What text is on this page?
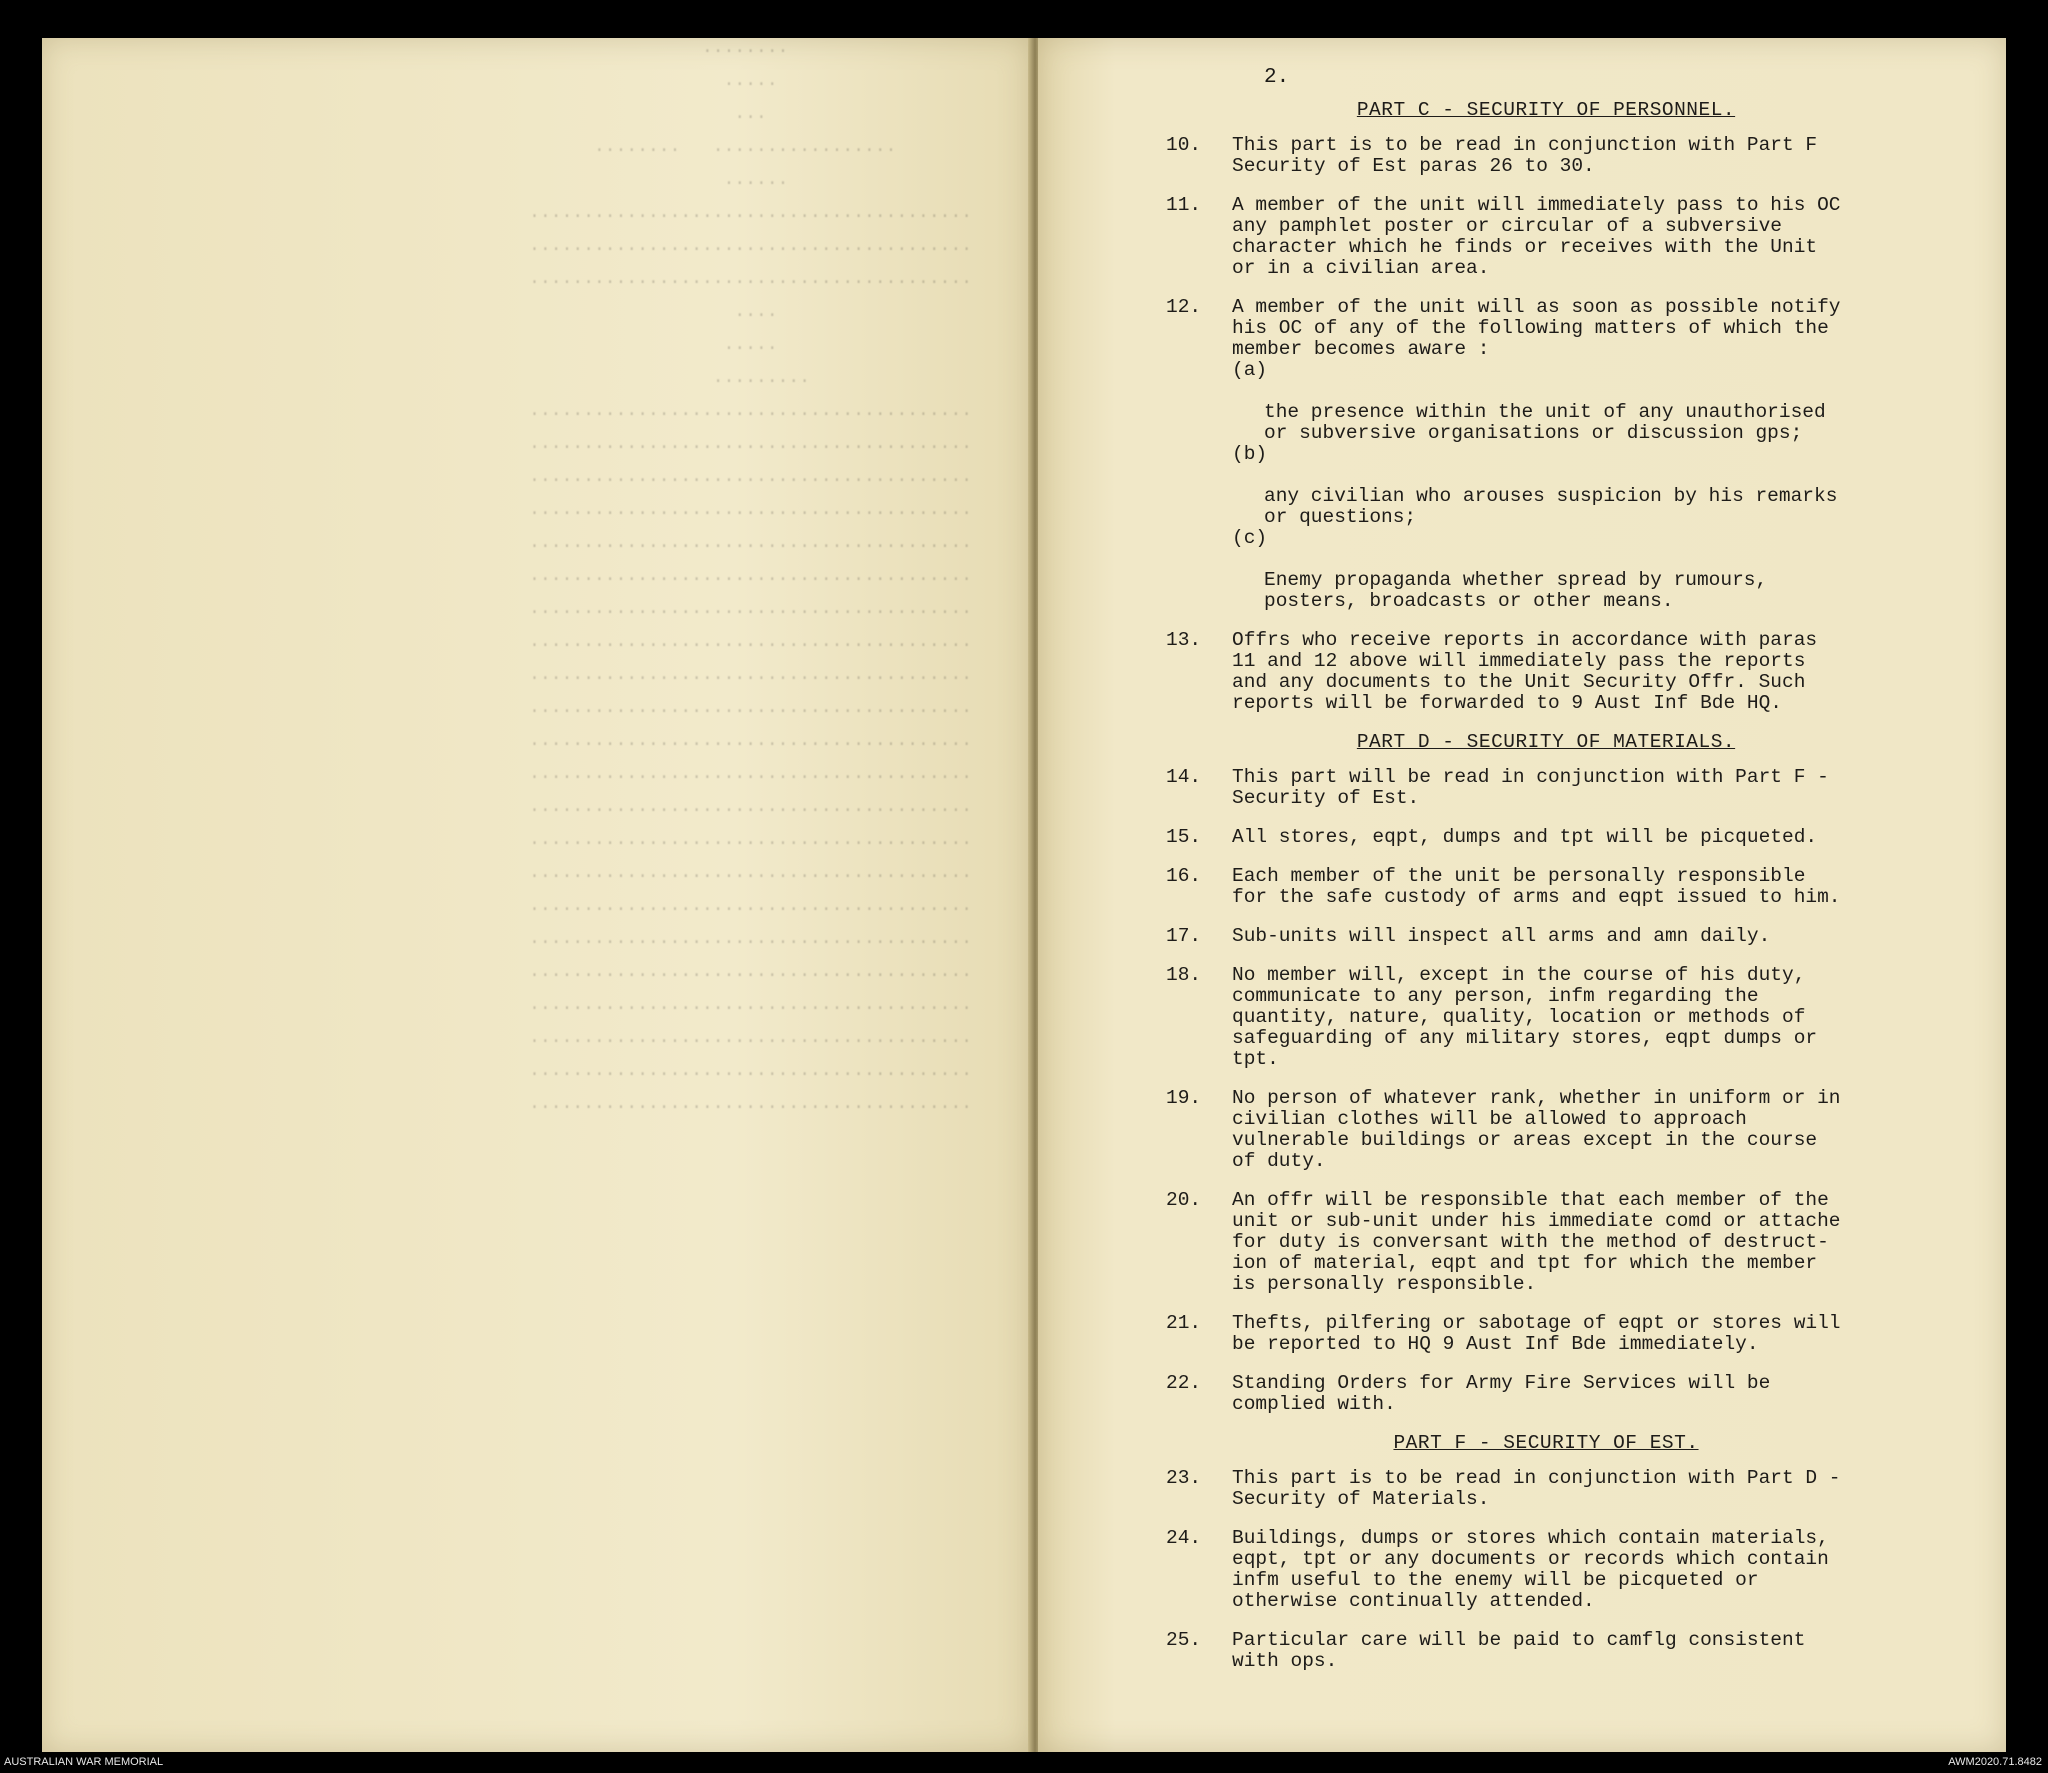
........
.....
...
.................   ........
......
.........................................
.........................................
.........................................
....
.....
.........
.........................................
.........................................
.........................................
.........................................
.........................................
.........................................
.........................................
.........................................
.........................................
.........................................
.........................................
.........................................
.........................................
.........................................
.........................................
.........................................
.........................................
.........................................
.........................................
.........................................
.........................................
.........................................
2.
PART C - SECURITY OF PERSONNEL.
10. This part is to be read in conjunction with Part F
Security of Est paras 26 to 30.
11. A member of the unit will immediately pass to his OC
any pamphlet poster or circular of a subversive
character which he finds or receives with the Unit
or in a civilian area.
12. A member of the unit will as soon as possible notify
his OC of any of the following matters of which the
member becomes aware :

(a)

the presence within the unit of any unauthorised
or subversive organisations or discussion gps;

(b)

any civilian who arouses suspicion by his remarks
or questions;

(c)

Enemy propaganda whether spread by rumours,
posters, broadcasts or other means.

13. Offrs who receive reports in accordance with paras
11 and 12 above will immediately pass the reports
and any documents to the Unit Security Offr. Such
reports will be forwarded to 9 Aust Inf Bde HQ.
PART D - SECURITY OF MATERIALS.
14. This part will be read in conjunction with Part F -
Security of Est.
15. All stores, eqpt, dumps and tpt will be picqueted.
16. Each member of the unit be personally responsible
for the safe custody of arms and eqpt issued to him.
17. Sub-units will inspect all arms and amn daily.
18. No member will, except in the course of his duty,
communicate to any person, infm regarding the
quantity, nature, quality, location or methods of
safeguarding of any military stores, eqpt dumps or
tpt.
19. No person of whatever rank, whether in uniform or in
civilian clothes will be allowed to approach
vulnerable buildings or areas except in the course
of duty.
20. An offr will be responsible that each member of the
unit or sub-unit under his immediate comd or attache
for duty is conversant with the method of destruct-
ion of material, eqpt and tpt for which the member
is personally responsible.
21. Thefts, pilfering or sabotage of eqpt or stores will
be reported to HQ 9 Aust Inf Bde immediately.
22. Standing Orders for Army Fire Services will be
complied with.
PART F - SECURITY OF EST.
23. This part is to be read in conjunction with Part D -
Security of Materials.
24. Buildings, dumps or stores which contain materials,
eqpt, tpt or any documents or records which contain
infm useful to the enemy will be picqueted or
otherwise continually attended.
25. Particular care will be paid to camflg consistent
with ops.
AUSTRALIAN WAR MEMORIAL	AWM2020.71.8482
